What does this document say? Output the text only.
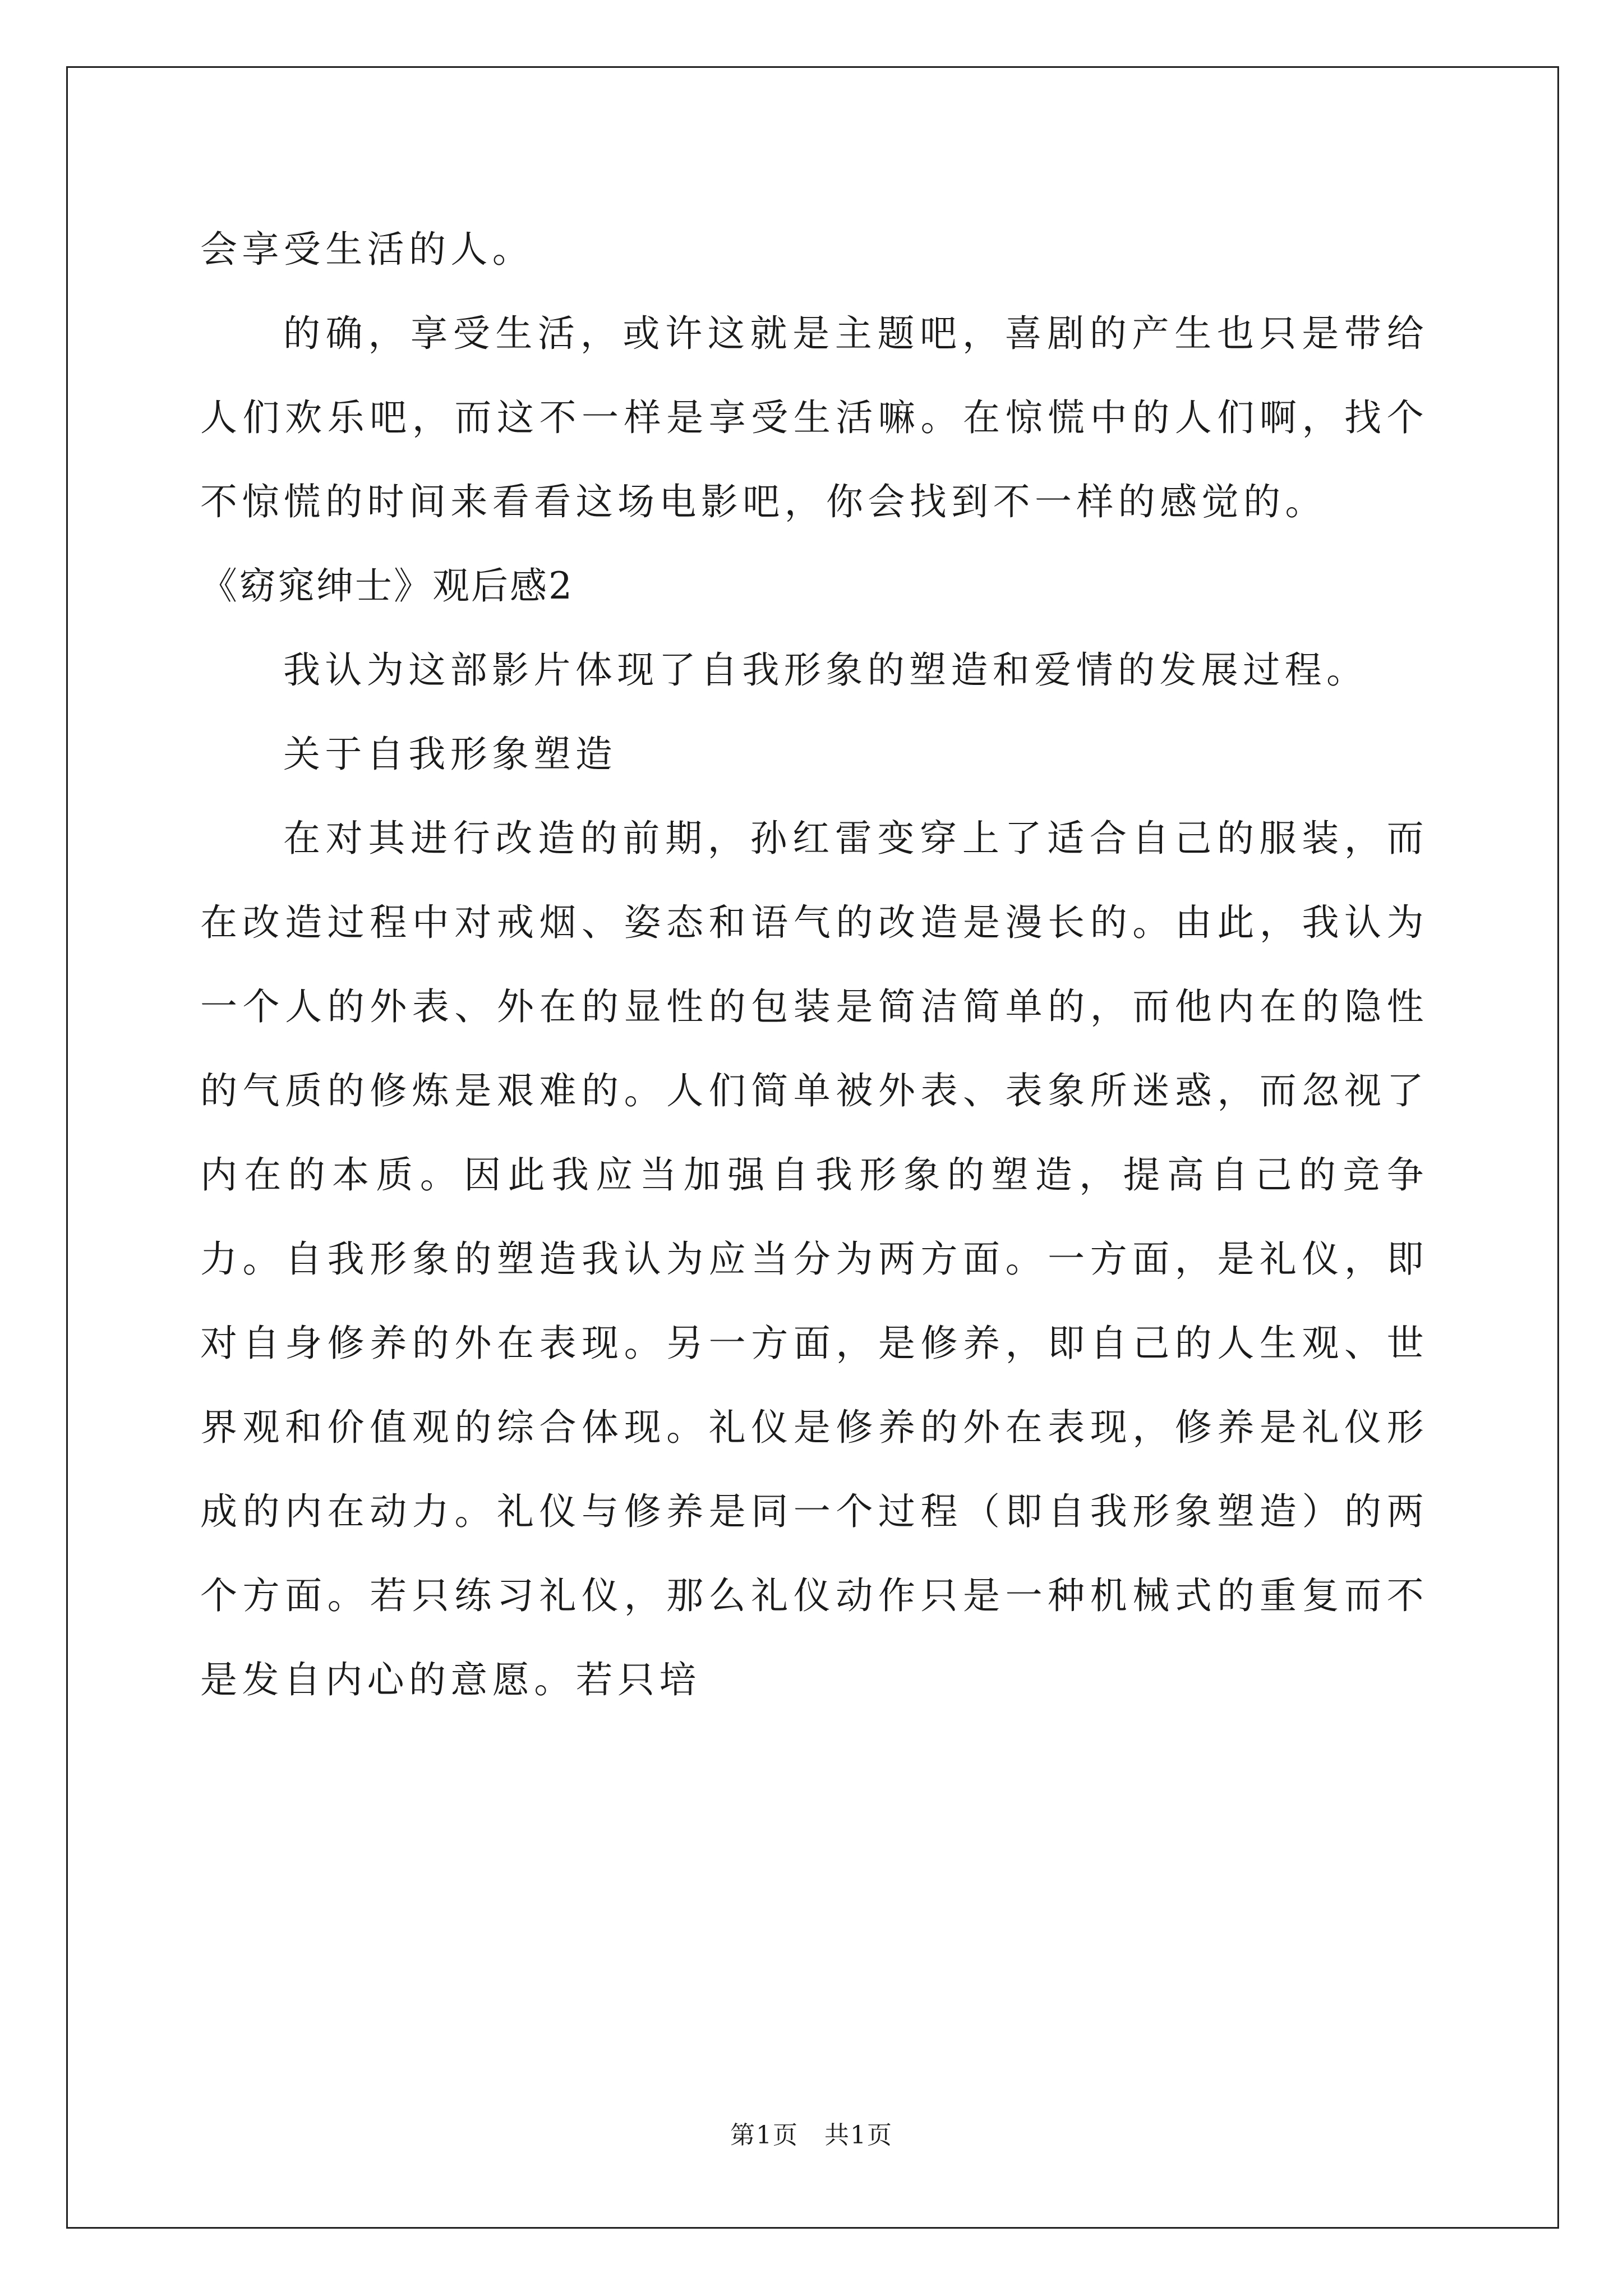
会享受生活的人。

的确，享受生活，或许这就是主题吧，喜剧的产生也只是带给人们欢乐吧，而这不一样是享受生活嘛。在惊慌中的人们啊，找个不惊慌的时间来看看这场电影吧，你会找到不一样的感觉的。

《窈窕绅士》观后感2

我认为这部影片体现了自我形象的塑造和爱情的发展过程。

关于自我形象塑造

在对其进行改造的前期，孙红雷变穿上了适合自己的服装，而在改造过程中对戒烟、姿态和语气的改造是漫长的。由此，我认为一个人的外表、外在的显性的包装是简洁简单的，而他内在的隐性的气质的修炼是艰难的。人们简单被外表、表象所迷惑，而忽视了内在的本质。因此我应当加强自我形象的塑造，提高自己的竞争力。自我形象的塑造我认为应当分为两方面。一方面，是礼仪，即对自身修养的外在表现。另一方面，是修养，即自己的人生观、世界观和价值观的综合体现。礼仪是修养的外在表现，修养是礼仪形成的内在动力。礼仪与修养是同一个过程（即自我形象塑造）的两个方面。若只练习礼仪，那么礼仪动作只是一种机械式的重复而不是发自内心的意愿。若只培

第1页　共1页
